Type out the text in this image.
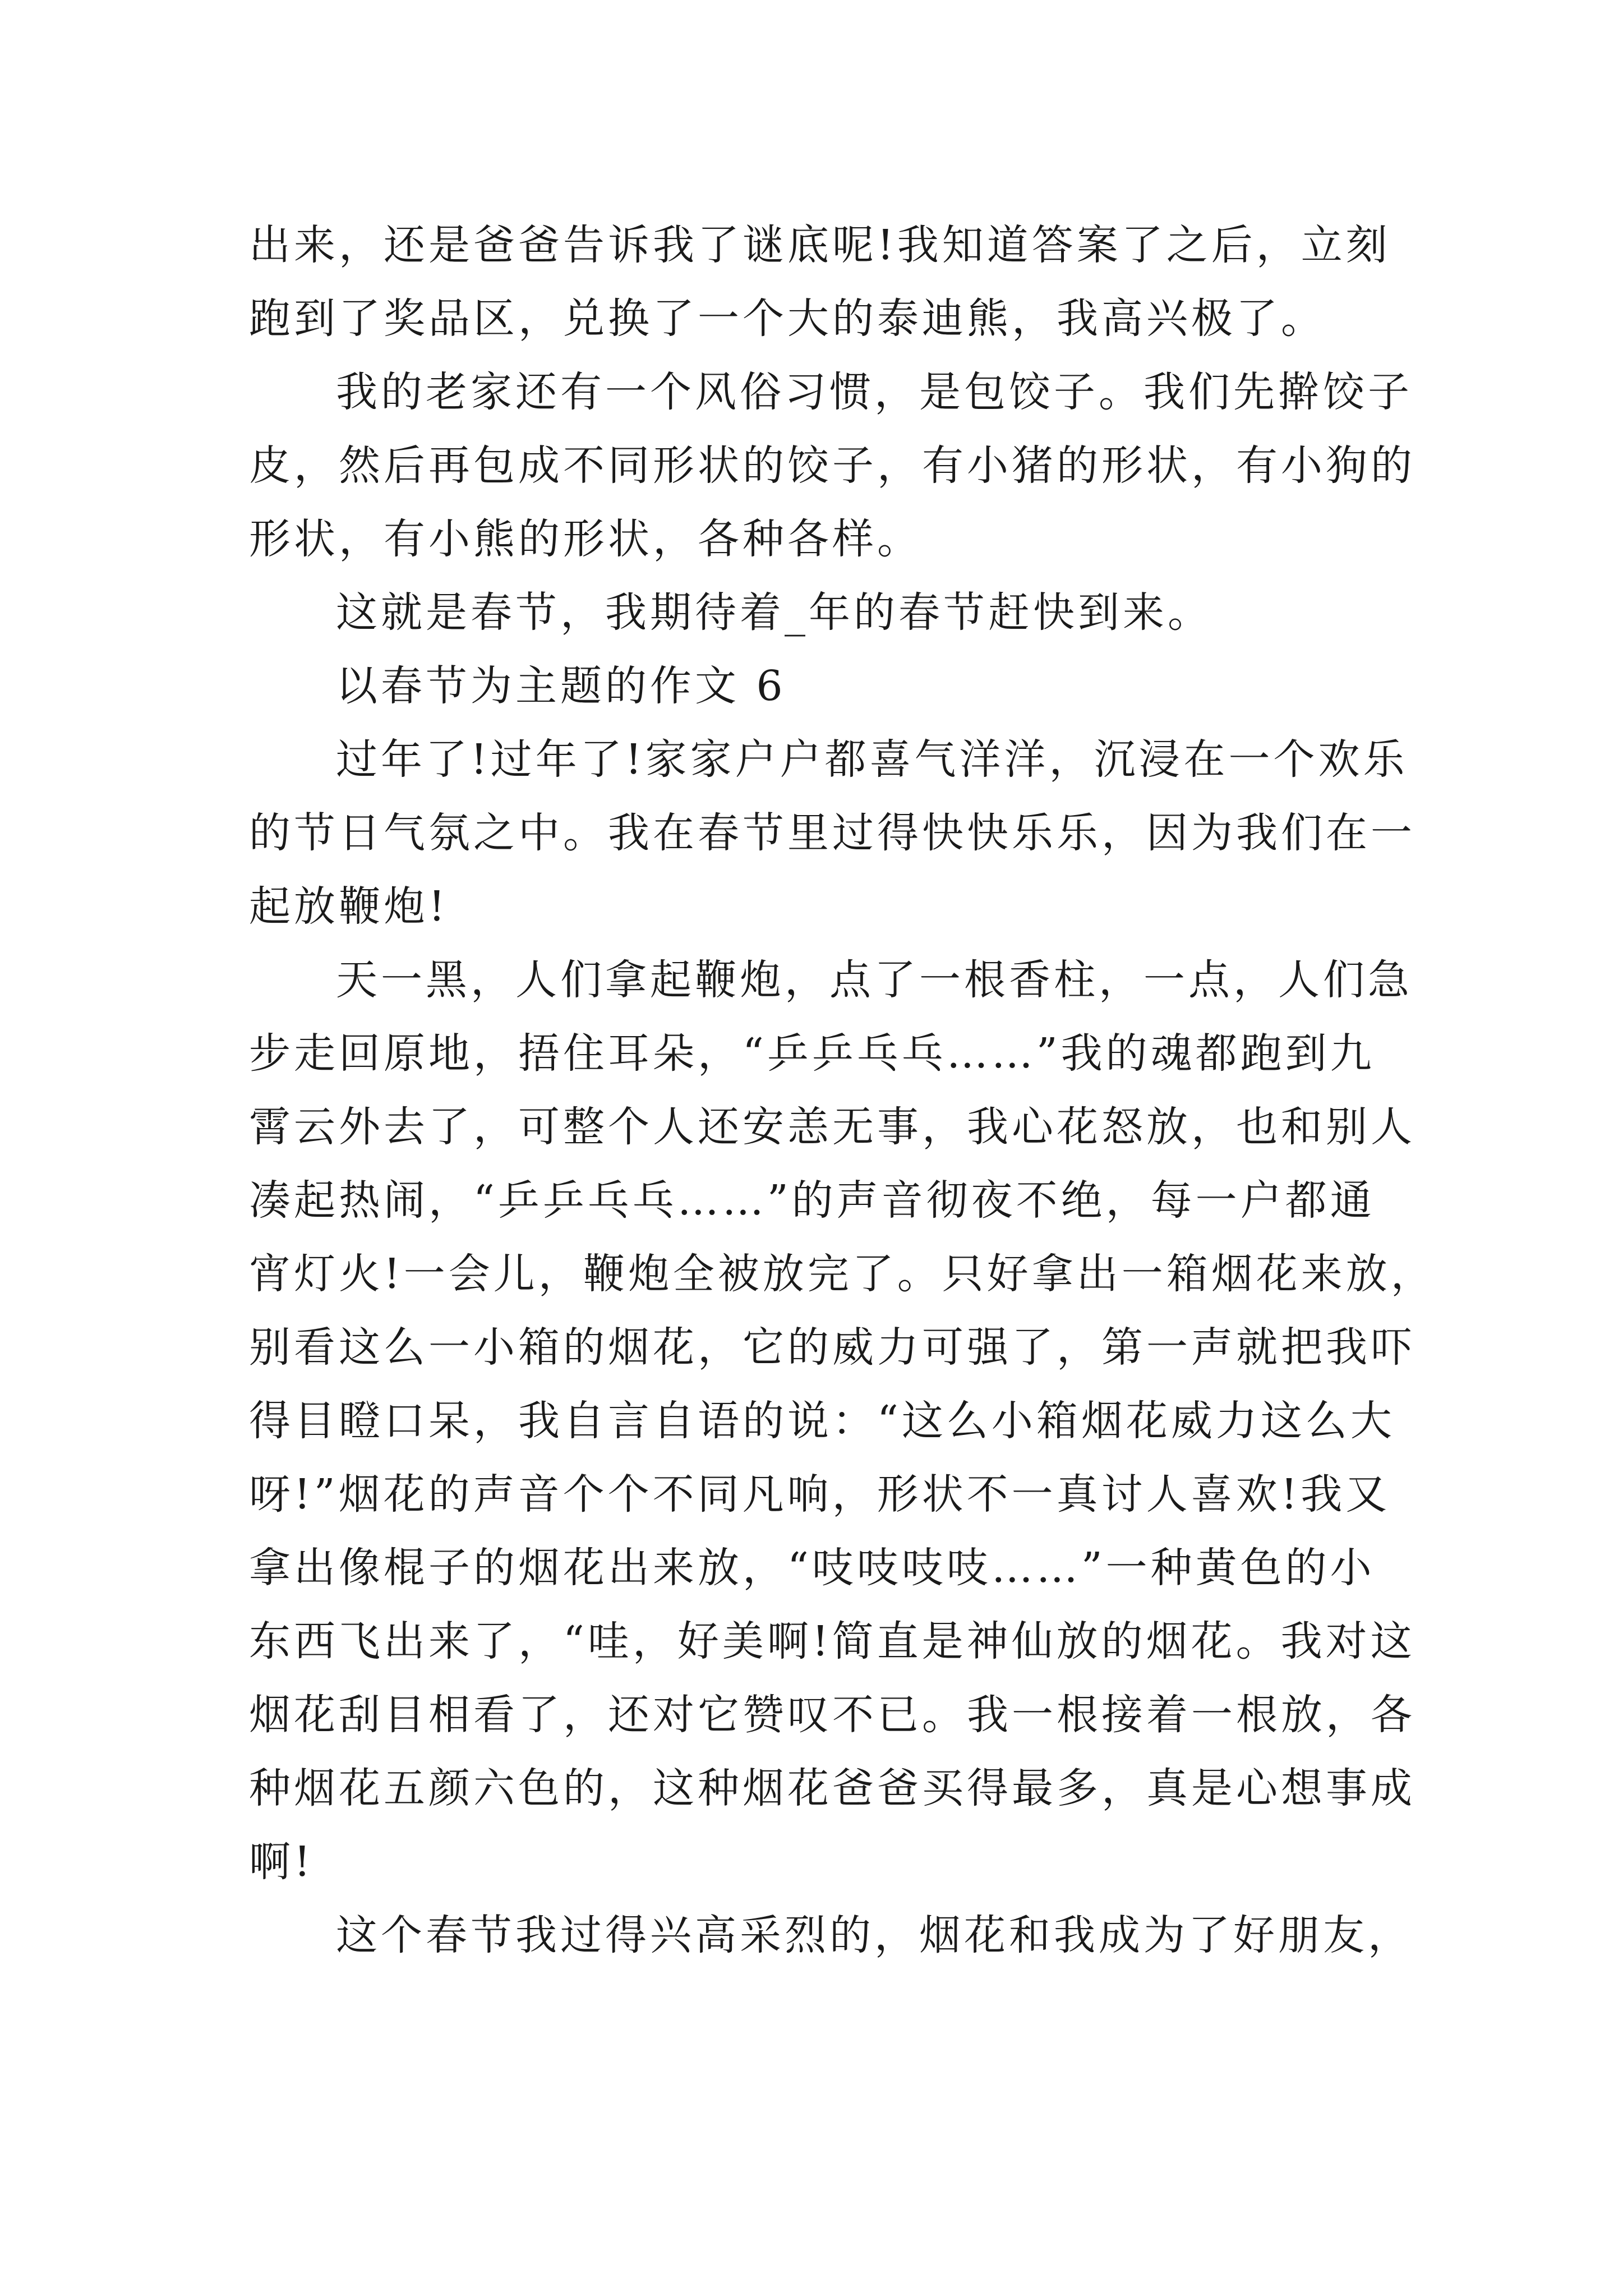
出来，还是爸爸告诉我了谜底呢!我知道答案了之后，立刻
跑到了奖品区，兑换了一个大的泰迪熊，我高兴极了。
我的老家还有一个风俗习惯，是包饺子。我们先擀饺子
皮，然后再包成不同形状的饺子，有小猪的形状，有小狗的
形状，有小熊的形状，各种各样。
这就是春节，我期待着_年的春节赶快到来。
以春节为主题的作文 6
过年了!过年了!家家户户都喜气洋洋，沉浸在一个欢乐
的节日气氛之中。我在春节里过得快快乐乐，因为我们在一
起放鞭炮!
天一黑，人们拿起鞭炮，点了一根香柱，一点，人们急
步走回原地，捂住耳朵，“乒乒乓乓……”我的魂都跑到九
霄云外去了，可整个人还安恙无事，我心花怒放，也和别人
凑起热闹，“乒乒乓乓……”的声音彻夜不绝，每一户都通
宵灯火!一会儿，鞭炮全被放完了。只好拿出一箱烟花来放，
别看这么一小箱的烟花，它的威力可强了，第一声就把我吓
得目瞪口呆，我自言自语的说：“这么小箱烟花威力这么大
呀!”烟花的声音个个不同凡响，形状不一真讨人喜欢!我又
拿出像棍子的烟花出来放，“吱吱吱吱……”一种黄色的小
东西飞出来了，“哇，好美啊!简直是神仙放的烟花。我对这
烟花刮目相看了，还对它赞叹不已。我一根接着一根放，各
种烟花五颜六色的，这种烟花爸爸买得最多，真是心想事成
啊!
这个春节我过得兴高采烈的，烟花和我成为了好朋友，
